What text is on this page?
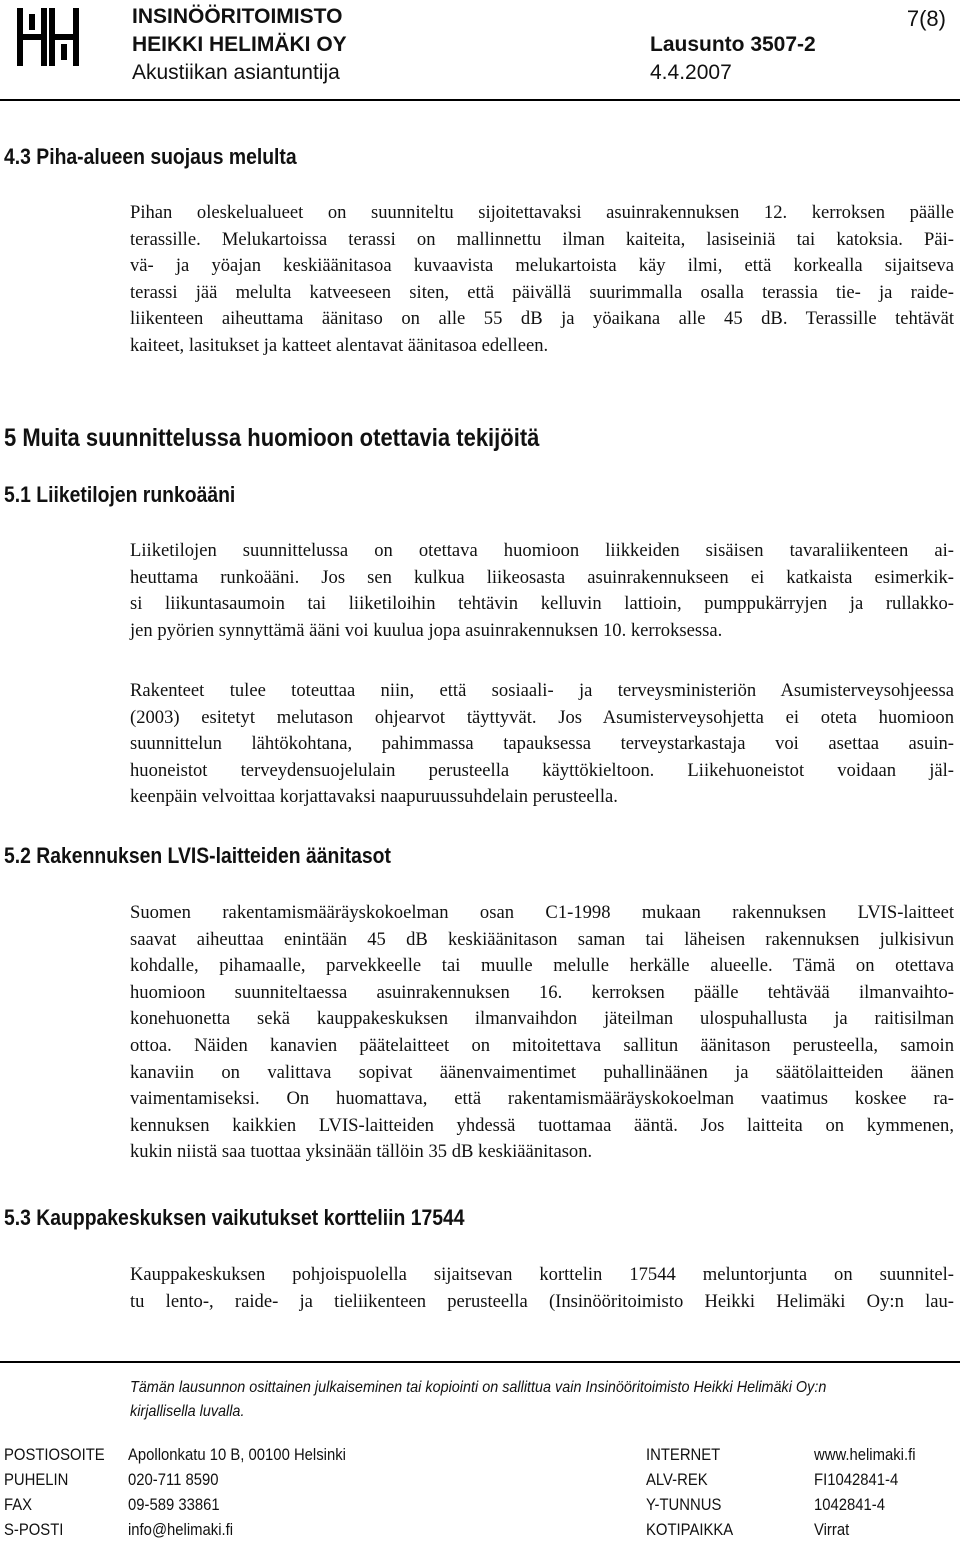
INSINÖÖRITOIMISTO
HEIKKI HELIMÄKI OY
Akustiikan asiantuntija
Lausunto 3507-2
4.4.2007
7(8)
4.3 Piha-alueen suojaus melulta
Pihan oleskelualueet on suunniteltu sijoitettavaksi asuinrakennuksen 12. kerroksen päälle
terassille. Melukartoissa terassi on mallinnettu ilman kaiteita, lasiseiniä tai katoksia. Päi-
vä- ja yöajan keskiäänitasoa kuvaavista melukartoista käy ilmi, että korkealla sijaitseva
terassi jää melulta katveeseen siten, että päivällä suurimmalla osalla terassia tie- ja raide-
liikenteen aiheuttama äänitaso on alle 55 dB ja yöaikana alle 45 dB. Terassille tehtävät
kaiteet, lasitukset ja katteet alentavat äänitasoa edelleen.
5 Muita suunnittelussa huomioon otettavia tekijöitä
5.1 Liiketilojen runkoääni
Liiketilojen suunnittelussa on otettava huomioon liikkeiden sisäisen tavaraliikenteen ai-
heuttama runkoääni. Jos sen kulkua liikeosasta asuinrakennukseen ei katkaista esimerkik-
si liikuntasaumoin tai liiketiloihin tehtävin kelluvin lattioin, pumppukärryjen ja rullakko-
jen pyörien synnyttämä ääni voi kuulua jopa asuinrakennuksen 10. kerroksessa.
Rakenteet tulee toteuttaa niin, että sosiaali- ja terveysministeriön Asumisterveysohjeessa
(2003) esitetyt melutason ohjearvot täyttyvät. Jos Asumisterveysohjetta ei oteta huomioon
suunnittelun lähtökohtana, pahimmassa tapauksessa terveystarkastaja voi asettaa asuin-
huoneistot terveydensuojelulain perusteella käyttökieltoon. Liikehuoneistot voidaan jäl-
keenpäin velvoittaa korjattavaksi naapuruussuhdelain perusteella.
5.2 Rakennuksen LVIS-laitteiden äänitasot
Suomen rakentamismääräyskokoelman osan C1-1998 mukaan rakennuksen LVIS-laitteet
saavat aiheuttaa enintään 45 dB keskiäänitason saman tai läheisen rakennuksen julkisivun
kohdalle, pihamaalle, parvekkeelle tai muulle melulle herkälle alueelle. Tämä on otettava
huomioon suunniteltaessa asuinrakennuksen 16. kerroksen päälle tehtävää ilmanvaihto-
konehuonetta sekä kauppakeskuksen ilmanvaihdon jäteilman ulospuhallusta ja raitisilman
ottoa. Näiden kanavien päätelaitteet on mitoitettava sallitun äänitason perusteella, samoin
kanaviin on valittava sopivat äänenvaimentimet puhallinäänen ja säätölaitteiden äänen
vaimentamiseksi. On huomattava, että rakentamismääräyskokoelman vaatimus koskee ra-
kennuksen kaikkien LVIS-laitteiden yhdessä tuottamaa ääntä. Jos laitteita on kymmenen,
kukin niistä saa tuottaa yksinään tällöin 35 dB keskiäänitason.
5.3 Kauppakeskuksen vaikutukset kortteliin 17544
Kauppakeskuksen pohjoispuolella sijaitsevan korttelin 17544 meluntorjunta on suunnitel-
tu lento-, raide- ja tieliikenteen perusteella (Insinööritoimisto Heikki Helimäki Oy:n lau-
Tämän lausunnon osittainen julkaiseminen tai kopiointi on sallittua vain Insinööritoimisto Heikki Helimäki Oy:n
kirjallisella luvalla.
POSTIOSOITE Apollonkatu 10 B, 00100 Helsinki	INTERNET	www.helimaki.fi
PUHELIN	020-711 8590	ALV-REK	FI1042841-4
FAX	09-589 33861	Y-TUNNUS	1042841-4
S-POSTI	info@helimaki.fi	KOTIPAIKKA	Virrat
